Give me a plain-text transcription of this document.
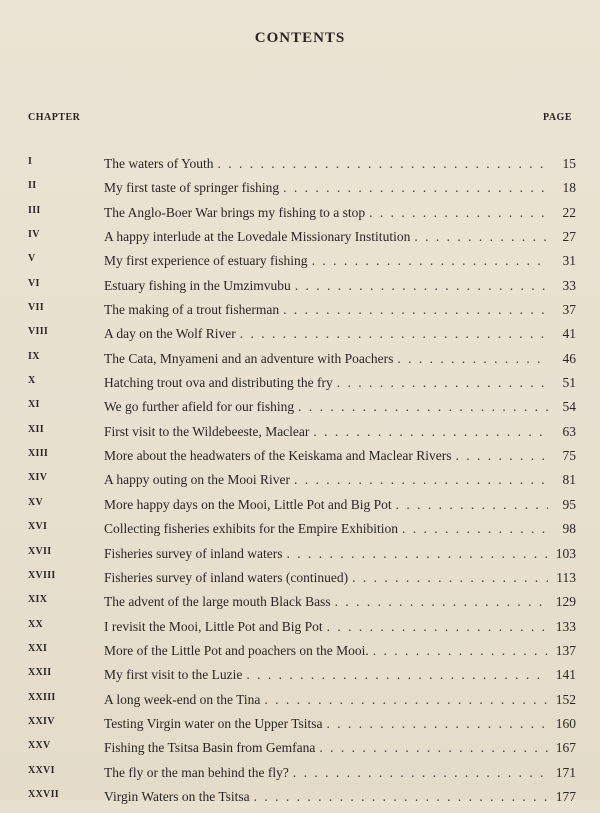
CONTENTS
CHAPTER	PAGE
I	The waters of Youth . . .	15
II	My first taste of springer fishing . . .	18
III	The Anglo-Boer War brings my fishing to a stop . . .	22
IV	A happy interlude at the Lovedale Missionary Institution . . .	27
V	My first experience of estuary fishing . . .	31
VI	Estuary fishing in the Umzimvubu . . .	33
VII	The making of a trout fisherman . . .	37
VIII	A day on the Wolf River . . .	41
IX	The Cata, Mnyameni and an adventure with Poachers . . .	46
X	Hatching trout ova and distributing the fry . . .	51
XI	We go further afield for our fishing . . .	54
XII	First visit to the Wildebeeste, Maclear . . .	63
XIII	More about the headwaters of the Keiskama and Maclear Rivers . . .	75
XIV	A happy outing on the Mooi River . . .	81
XV	More happy days on the Mooi, Little Pot and Big Pot . . .	95
XVI	Collecting fisheries exhibits for the Empire Exhibition . . .	98
XVII	Fisheries survey of inland waters . . .	103
XVIII	Fisheries survey of inland waters (continued) . . .	113
XIX	The advent of the large mouth Black Bass . . .	129
XX	I revisit the Mooi, Little Pot and Big Pot . . .	133
XXI	More of the Little Pot and poachers on the Mooi. . . .	137
XXII	My first visit to the Luzie . . .	141
XXIII	A long week-end on the Tina . . .	152
XXIV	Testing Virgin water on the Upper Tsitsa . . .	160
XXV	Fishing the Tsitsa Basin from Gemfana . . .	167
XXVI	The fly or the man behind the fly? . . .	171
XXVII	Virgin Waters on the Tsitsa . . .	177
